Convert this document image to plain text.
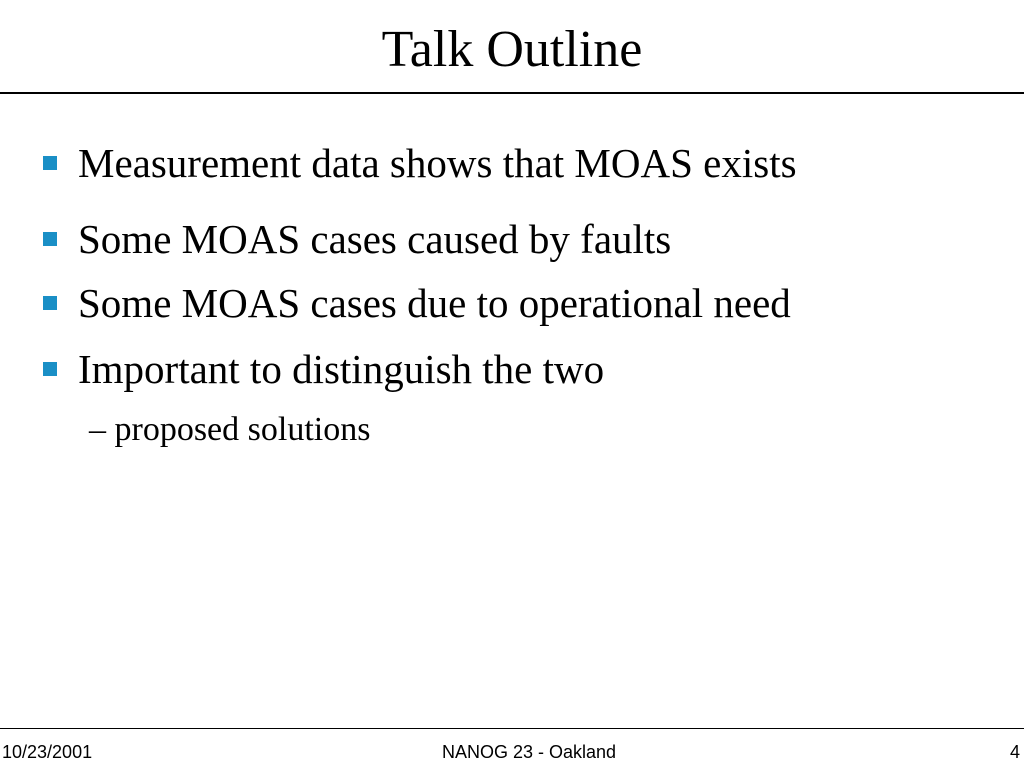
Talk Outline
Measurement data shows that MOAS exists
Some MOAS cases caused by faults
Some MOAS cases due to operational need
Important to distinguish the two
– proposed solutions
10/23/2001	NANOG 23 - Oakland	4
